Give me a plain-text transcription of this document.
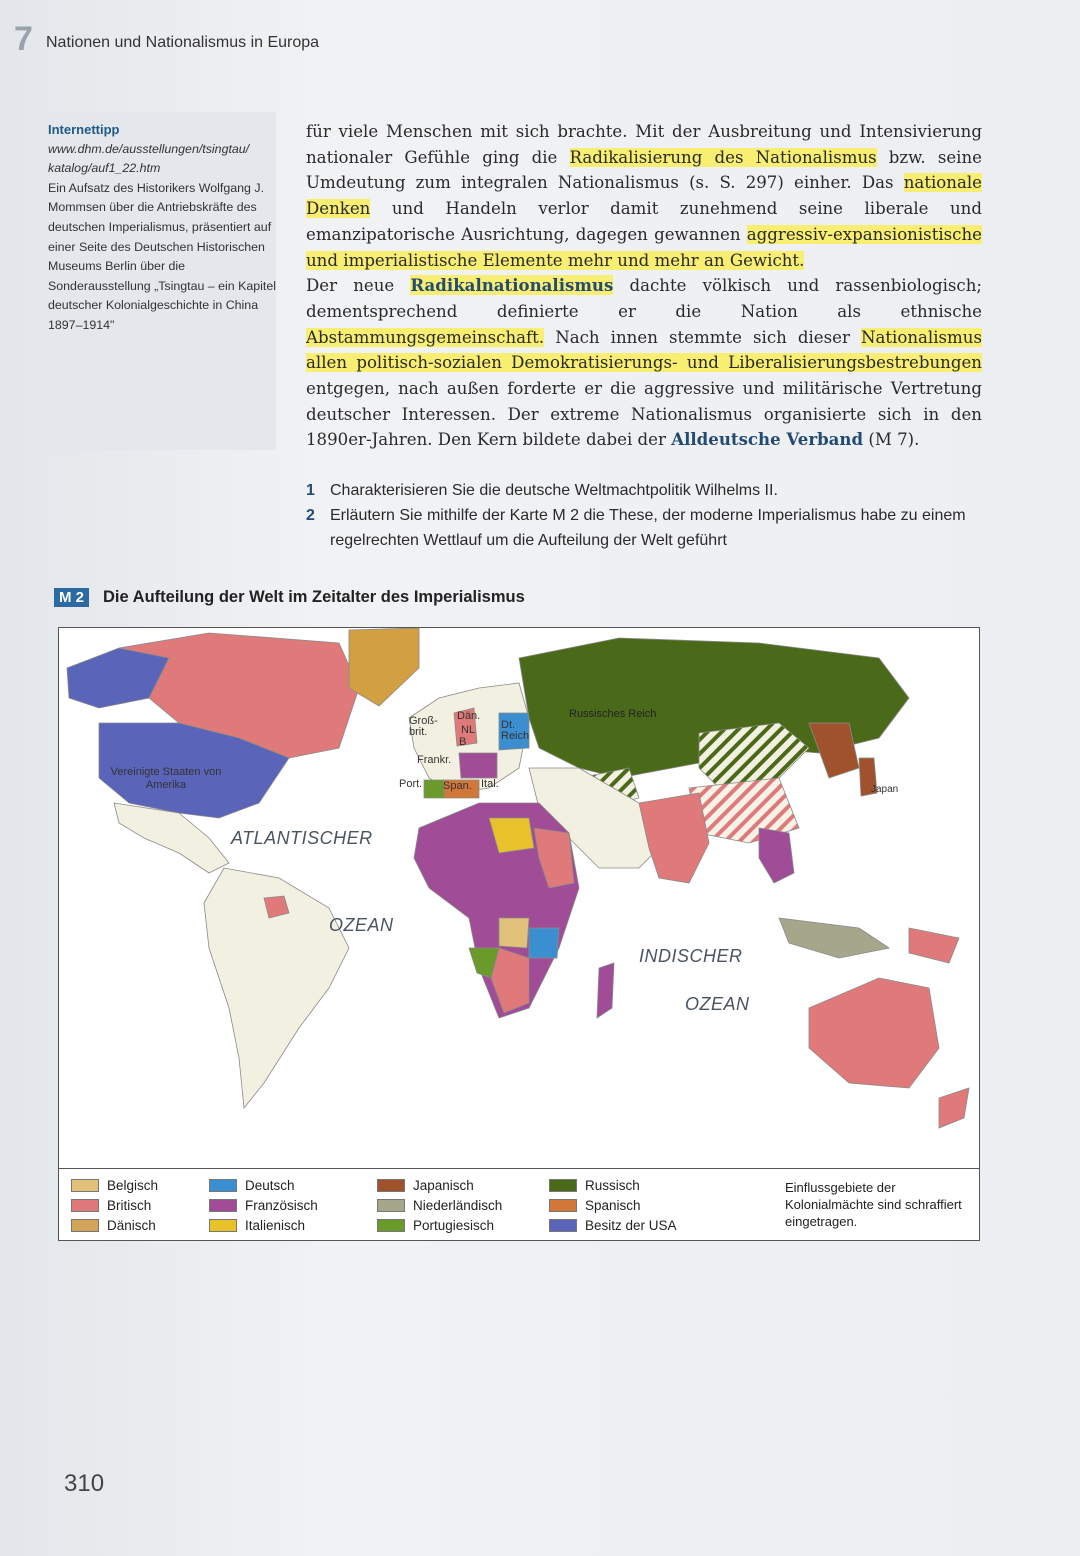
7 Nationen und Nationalismus in Europa
Internettipp
www.dhm.de/ausstellungen/tsingtau/
katalog/auf1_22.htm
Ein Aufsatz des Historikers Wolfgang J. Mommsen über die Antriebskräfte des deutschen Imperialismus, präsentiert auf einer Seite des Deutschen Historischen Museums Berlin über die Sonderausstellung „Tsingtau – ein Kapitel deutscher Kolonialgeschichte in China 1897–1914"

für viele Menschen mit sich brachte. Mit der Ausbreitung und Intensivierung nationaler Gefühle ging die Radikalisierung des Nationalismus bzw. seine Umdeutung zum integralen Nationalismus (s. S. 297) einher. Das nationale Denken und Handeln verlor damit zunehmend seine liberale und emanzipatorische Ausrichtung, dagegen gewannen aggressiv-expansionistische und imperialistische Elemente mehr und mehr an Gewicht.

Der neue Radikalnationalismus dachte völkisch und rassenbiologisch; dementsprechend definierte er die Nation als ethnische Abstammungsgemeinschaft. Nach innen stemmte sich dieser Nationalismus allen politisch-sozialen Demokratisierungs- und Liberalisierungsbestrebungen entgegen, nach außen forderte er die aggressive und militärische Vertretung deutscher Interessen. Der extreme Nationalismus organisierte sich in den 1890er-Jahren. Den Kern bildete dabei der Alldeutsche Verband (M 7).

1 Charakterisieren Sie die deutsche Weltmachtpolitik Wilhelms II.
2 Erläutern Sie mithilfe der Karte M 2 die These, der moderne Imperialismus habe zu einem regelrechten Wettlauf um die Aufteilung der Welt geführt
M 2	Die Aufteilung der Welt im Zeitalter des Imperialismus
Vereinigte Staaten von Amerika
ATLANTISCHER
OZEAN
INDISCHER
OZEAN
Russisches Reich
Japan
Groß-brit.
Dän.
NL
B
Dt. Reich
Frankr.
Port. Span. Ital.
Belgisch
Britisch
Dänisch
Deutsch
Französisch
Italienisch
Japanisch
Niederländisch
Portugiesisch
Russisch
Spanisch
Besitz der USA
Einflussgebiete der Kolonialmächte sind schraffiert eingetragen.
310
